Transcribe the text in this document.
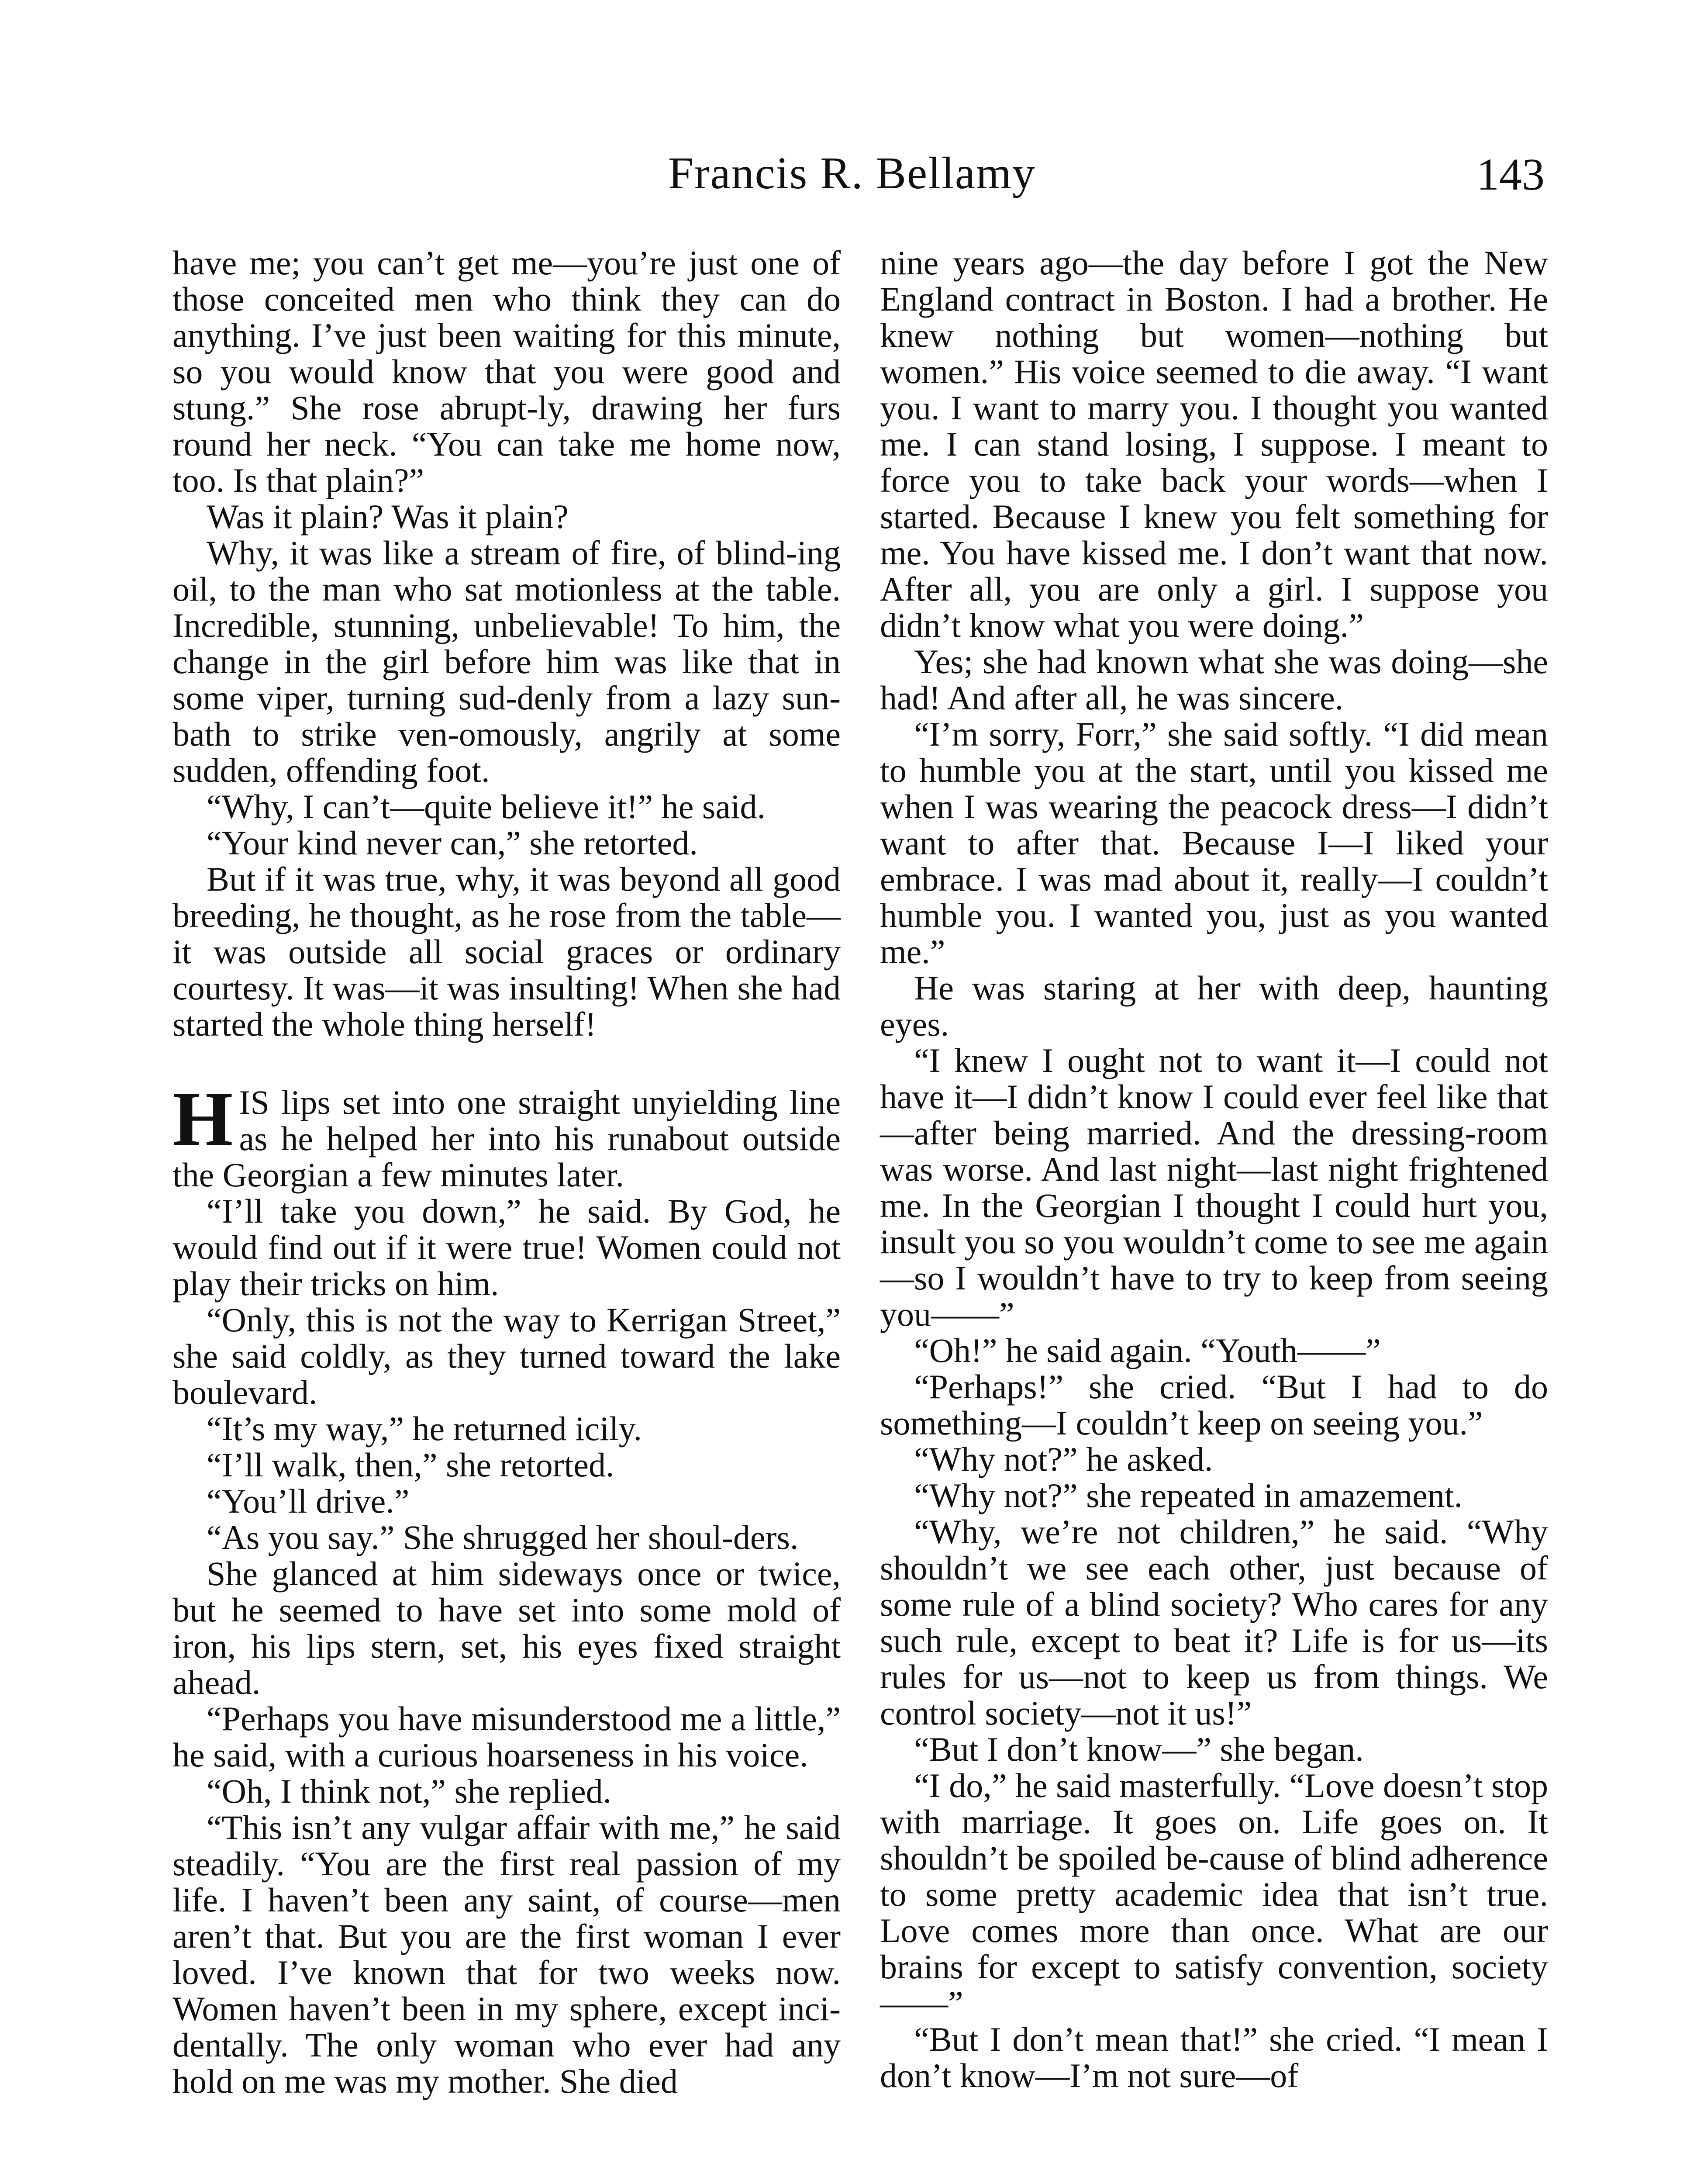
Francis R. Bellamy	143

have me; you can’t get me—you’re just one of those conceited men who think they can do anything. I’ve just been waiting for this minute, so you would know that you were good and stung.” She rose abrupt-ly, drawing her furs round her neck. “You can take me home now, too. Is that plain?”

Was it plain? Was it plain?

Why, it was like a stream of fire, of blind-ing oil, to the man who sat motionless at the table. Incredible, stunning, unbelievable! To him, the change in the girl before him was like that in some viper, turning sud-denly from a lazy sun-bath to strike ven-omously, angrily at some sudden, offending foot.

“Why, I can’t—quite believe it!” he said.

“Your kind never can,” she retorted.

But if it was true, why, it was beyond all good breeding, he thought, as he rose from the table—it was outside all social graces or ordinary courtesy. It was—it was insulting! When she had started the whole thing herself!

HIS lips set into one straight unyielding line as he helped her into his runabout outside the Georgian a few minutes later.

“I’ll take you down,” he said. By God, he would find out if it were true! Women could not play their tricks on him.

“Only, this is not the way to Kerrigan Street,” she said coldly, as they turned toward the lake boulevard.

“It’s my way,” he returned icily.

“I’ll walk, then,” she retorted.

“You’ll drive.”

“As you say.” She shrugged her shoul-ders.

She glanced at him sideways once or twice, but he seemed to have set into some mold of iron, his lips stern, set, his eyes fixed straight ahead.

“Perhaps you have misunderstood me a little,” he said, with a curious hoarseness in his voice.

“Oh, I think not,” she replied.

“This isn’t any vulgar affair with me,” he said steadily. “You are the first real passion of my life. I haven’t been any saint, of course—men aren’t that. But you are the first woman I ever loved. I’ve known that for two weeks now. Women haven’t been in my sphere, except inci-dentally. The only woman who ever had any hold on me was my mother. She died

nine years ago—the day before I got the New England contract in Boston. I had a brother. He knew nothing but women—nothing but women.” His voice seemed to die away. “I want you. I want to marry you. I thought you wanted me. I can stand losing, I suppose. I meant to force you to take back your words—when I started. Because I knew you felt something for me. You have kissed me. I don’t want that now. After all, you are only a girl. I suppose you didn’t know what you were doing.”

Yes; she had known what she was doing—she had! And after all, he was sincere.

“I’m sorry, Forr,” she said softly. “I did mean to humble you at the start, until you kissed me when I was wearing the peacock dress—I didn’t want to after that. Because I—I liked your embrace. I was mad about it, really—I couldn’t humble you. I wanted you, just as you wanted me.”

He was staring at her with deep, haunting eyes.

“I knew I ought not to want it—I could not have it—I didn’t know I could ever feel like that—after being married. And the dressing-room was worse. And last night—last night frightened me. In the Georgian I thought I could hurt you, insult you so you wouldn’t come to see me again—so I wouldn’t have to try to keep from seeing you——”

“Oh!” he said again. “Youth——”

“Perhaps!” she cried. “But I had to do something—I couldn’t keep on seeing you.”

“Why not?” he asked.

“Why not?” she repeated in amazement.

“Why, we’re not children,” he said. “Why shouldn’t we see each other, just because of some rule of a blind society? Who cares for any such rule, except to beat it? Life is for us—its rules for us—not to keep us from things. We control society—not it us!”

“But I don’t know—” she began.

“I do,” he said masterfully. “Love doesn’t stop with marriage. It goes on. Life goes on. It shouldn’t be spoiled be-cause of blind adherence to some pretty academic idea that isn’t true. Love comes more than once. What are our brains for except to satisfy convention, society——”

“But I don’t mean that!” she cried. “I mean I don’t know—I’m not sure—of
